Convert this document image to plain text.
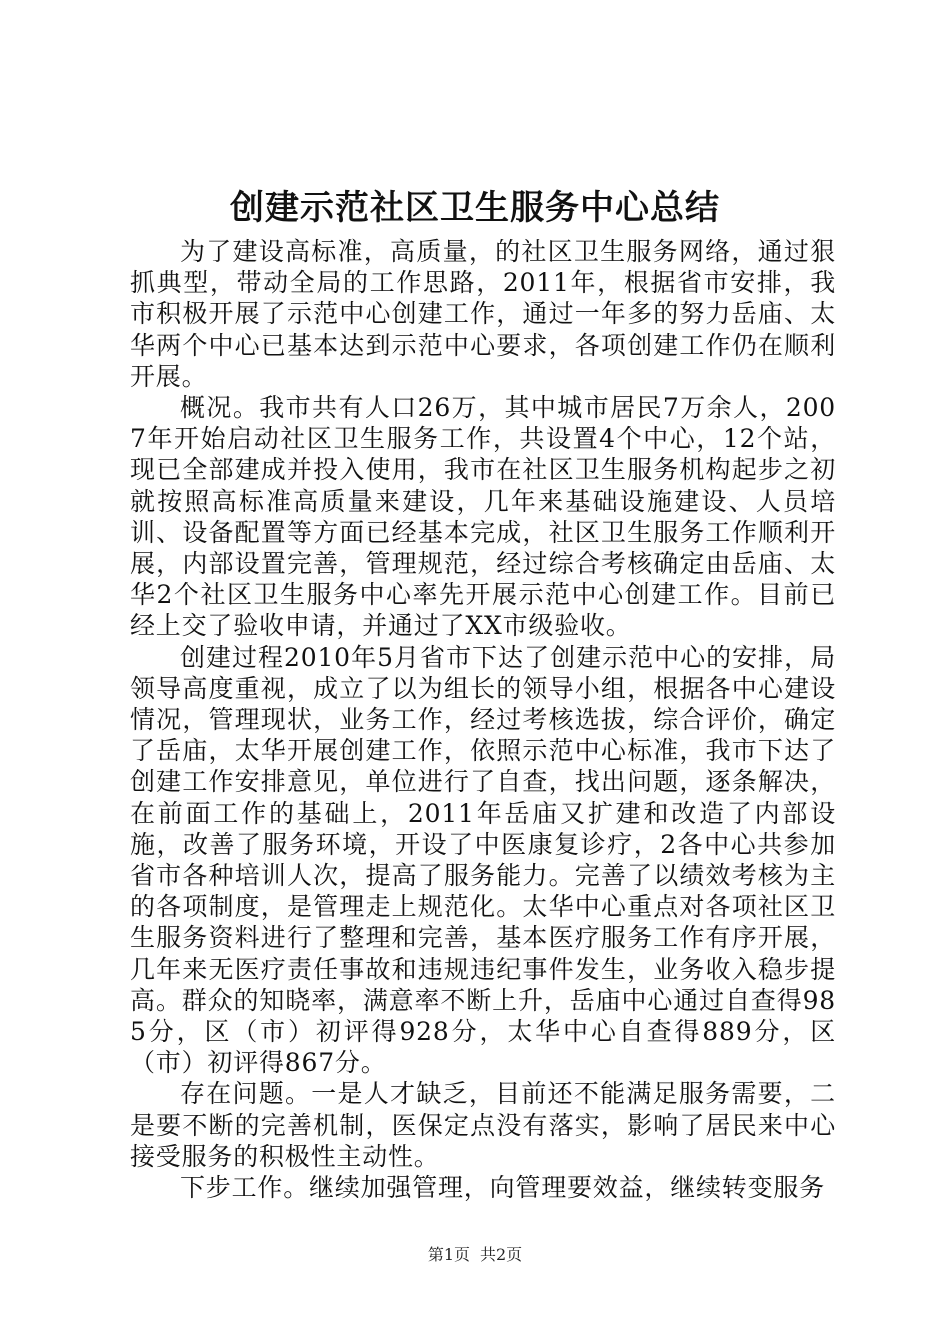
创建示范社区卫生服务中心总结

为了建设高标准，高质量，的社区卫生服务网络，通过狠抓典型，带动全局的工作思路，2011年，根据省市安排，我市积极开展了示范中心创建工作，通过一年多的努力岳庙、太华两个中心已基本达到示范中心要求，各项创建工作仍在顺利开展。

概况。我市共有人口26万，其中城市居民7万余人，2007年开始启动社区卫生服务工作，共设置4个中心，12个站，现已全部建成并投入使用，我市在社区卫生服务机构起步之初就按照高标准高质量来建设，几年来基础设施建设、人员培训、设备配置等方面已经基本完成，社区卫生服务工作顺利开展，内部设置完善，管理规范，经过综合考核确定由岳庙、太华2个社区卫生服务中心率先开展示范中心创建工作。目前已经上交了验收申请，并通过了XX市级验收。

创建过程2010年5月省市下达了创建示范中心的安排，局领导高度重视，成立了以为组长的领导小组，根据各中心建设情况，管理现状，业务工作，经过考核选拔，综合评价，确定了岳庙，太华开展创建工作，依照示范中心标准，我市下达了创建工作安排意见，单位进行了自查，找出问题，逐条解决，在前面工作的基础上，2011年岳庙又扩建和改造了内部设施，改善了服务环境，开设了中医康复诊疗，2各中心共参加省市各种培训人次，提高了服务能力。完善了以绩效考核为主的各项制度，是管理走上规范化。太华中心重点对各项社区卫生服务资料进行了整理和完善，基本医疗服务工作有序开展，几年来无医疗责任事故和违规违纪事件发生，业务收入稳步提高。群众的知晓率，满意率不断上升，岳庙中心通过自查得985分，区（市）初评得928分，太华中心自查得889分，区（市）初评得867分。

存在问题。一是人才缺乏，目前还不能满足服务需要，二是要不断的完善机制，医保定点没有落实，影响了居民来中心接受服务的积极性主动性。

下步工作。继续加强管理，向管理要效益，继续转变服务

第1页 共2页
